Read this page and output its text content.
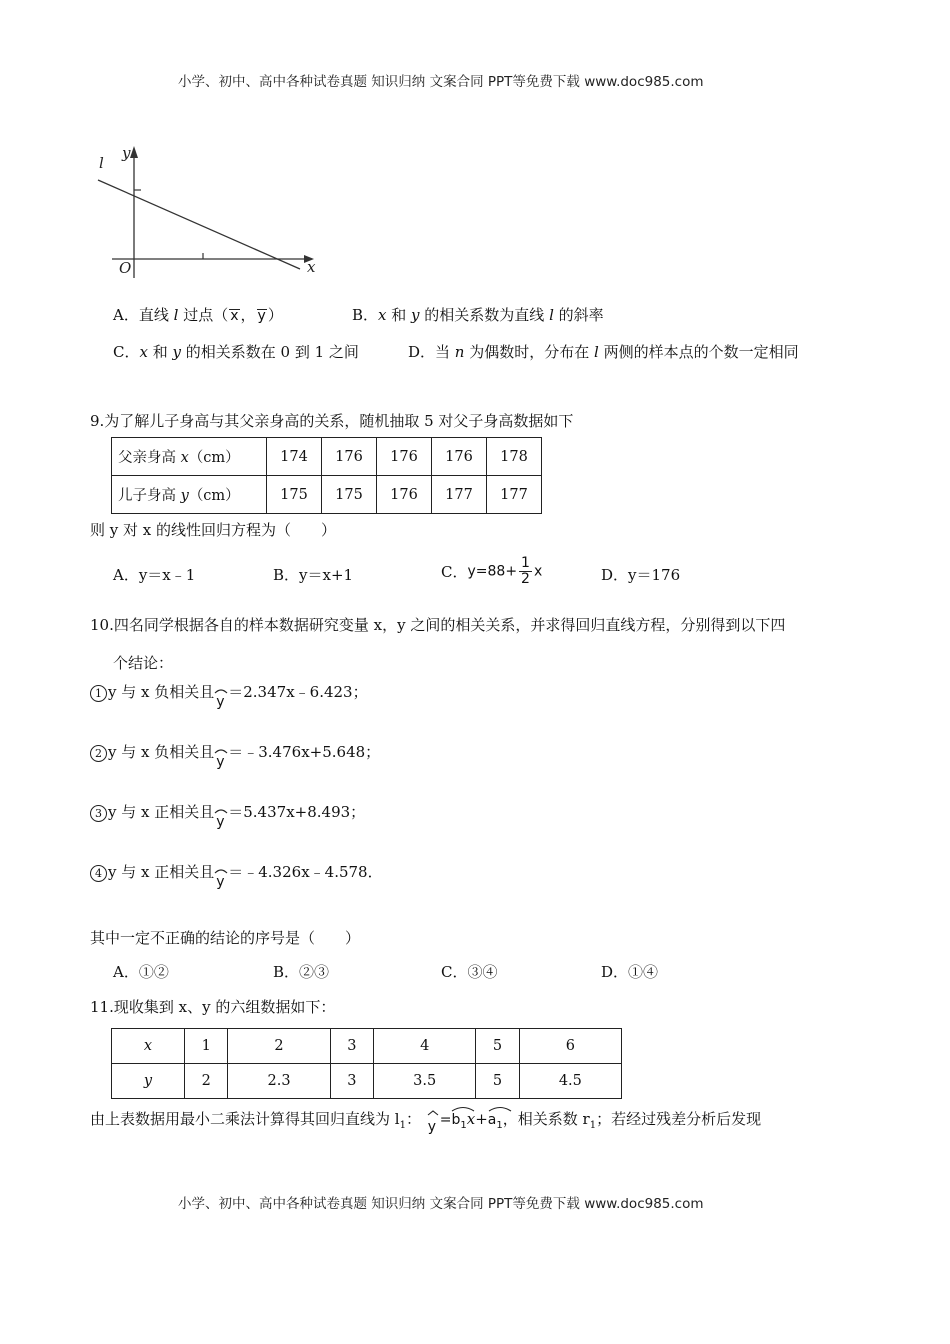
小学、初中、高中各种试卷真题 知识归纳 文案合同 PPT等免费下载 www.doc985.com
y
x
O
l
A．直线 l 过点（ x ， y ）	B．x 和 y 的相关系数为直线 l 的斜率
C．x 和 y 的相关系数在 0 到 1 之间	D．当 n 为偶数时，分布在 l 两侧的样本点的个数一定相同
9.为了解儿子身高与其父亲身高的关系，随机抽取 5 对父子身高数据如下
父亲身高 x（cm）	174	176	176	176	178
儿子身高 y（cm）	175	175	176	177	177
则 y 对 x 的线性回归方程为（　　）
A．y＝x﹣1	B．y＝x+1	C．$y=88+ \frac{1}{2}$ x	D．y＝176
10.四名同学根据各自的样本数据研究变量 x，y 之间的相关关系，并求得回归直线方程，分别得到以下四
个结论：
1 y 与 x 负相关且
y
＝2.347x﹣6.423；
2 y 与 x 负相关且
y
＝﹣3.476x+5.648；
3 y 与 x 正相关且
y
＝5.437x+8.493；
4 y 与 x 正相关且
y
＝﹣4.326x﹣4.578．
其中一定不正确的结论的序号是（　　）
A．①②	B．②③	C．③④	D．①④
11.现收集到 x、y 的六组数据如下：
x	1	2	3	4	5	6
y	2	2.3	3	3.5	5	4.5
由上表数据用最小二乘法计算得其回归直线为 $l_1$： y =
$b_1x+$
$a_1$，相关系数 $r_1$；若经过残差分析后发现
小学、初中、高中各种试卷真题 知识归纳 文案合同 PPT等免费下载 www.doc985.com
